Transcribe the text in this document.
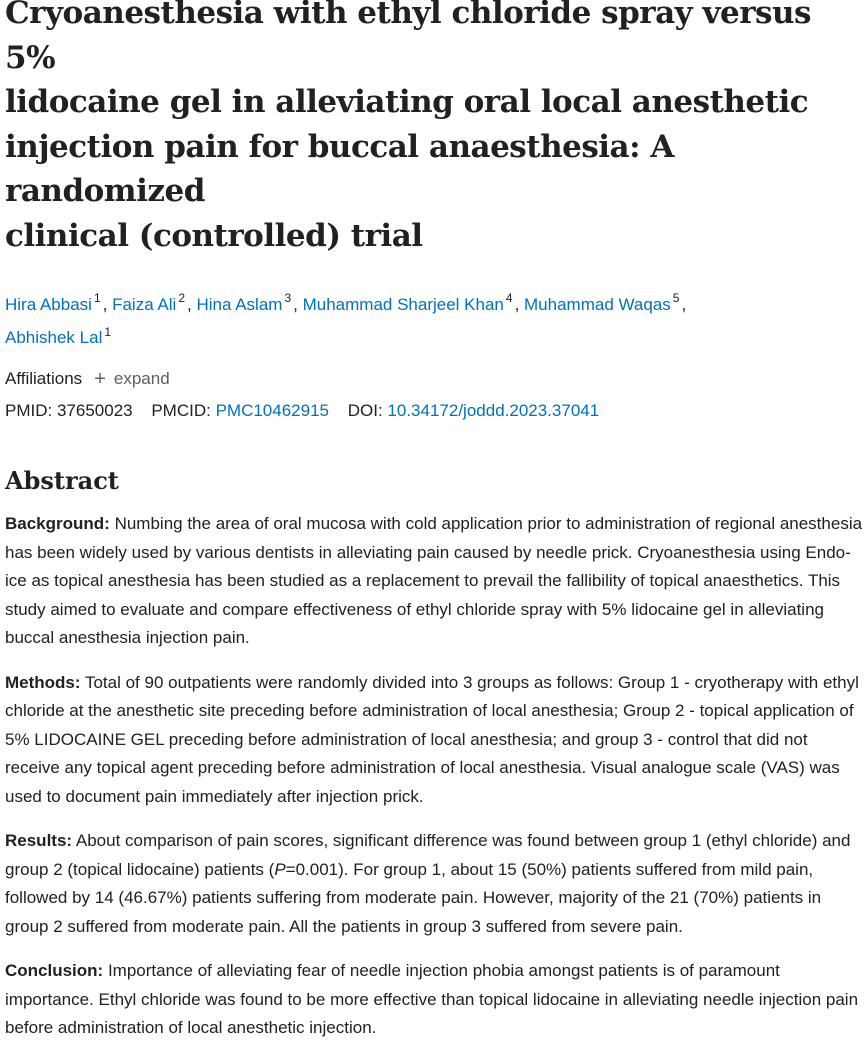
Cryoanesthesia with ethyl chloride spray versus 5%
lidocaine gel in alleviating oral local anesthetic
injection pain for buccal anaesthesia: A randomized
clinical (controlled) trial
Hira Abbasi $^1$ , Faiza Ali $^2$ , Hina Aslam $^3$ , Muhammad Sharjeel Khan $^4$ , Muhammad Waqas $^5$ ,
Abhishek Lal $^1$
Affiliations + expand
PMID: 37650023 PMCID: PMC10462915 DOI: 10.34172/joddd.2023.37041
Abstract

Background: Numbing the area of oral mucosa with cold application prior to administration of regional anesthesia has been widely used by various dentists in alleviating pain caused by needle prick. Cryoanesthesia using Endo-ice as topical anesthesia has been studied as a replacement to prevail the fallibility of topical anaesthetics. This study aimed to evaluate and compare effectiveness of ethyl chloride spray with 5% lidocaine gel in alleviating buccal anesthesia injection pain.

Methods: Total of 90 outpatients were randomly divided into 3 groups as follows: Group 1 - cryotherapy with ethyl chloride at the anesthetic site preceding before administration of local anesthesia; Group 2 - topical application of 5% LIDOCAINE GEL preceding before administration of local anesthesia; and group 3 - control that did not receive any topical agent preceding before administration of local anesthesia. Visual analogue scale (VAS) was used to document pain immediately after injection prick.

Results: About comparison of pain scores, significant difference was found between group 1 (ethyl chloride) and group 2 (topical lidocaine) patients (P=0.001). For group 1, about 15 (50%) patients suffered from mild pain, followed by 14 (46.67%) patients suffering from moderate pain. However, majority of the 21 (70%) patients in group 2 suffered from moderate pain. All the patients in group 3 suffered from severe pain.

Conclusion: Importance of alleviating fear of needle injection phobia amongst patients is of paramount importance. Ethyl chloride was found to be more effective than topical lidocaine in alleviating needle injection pain before administration of local anesthetic injection.
